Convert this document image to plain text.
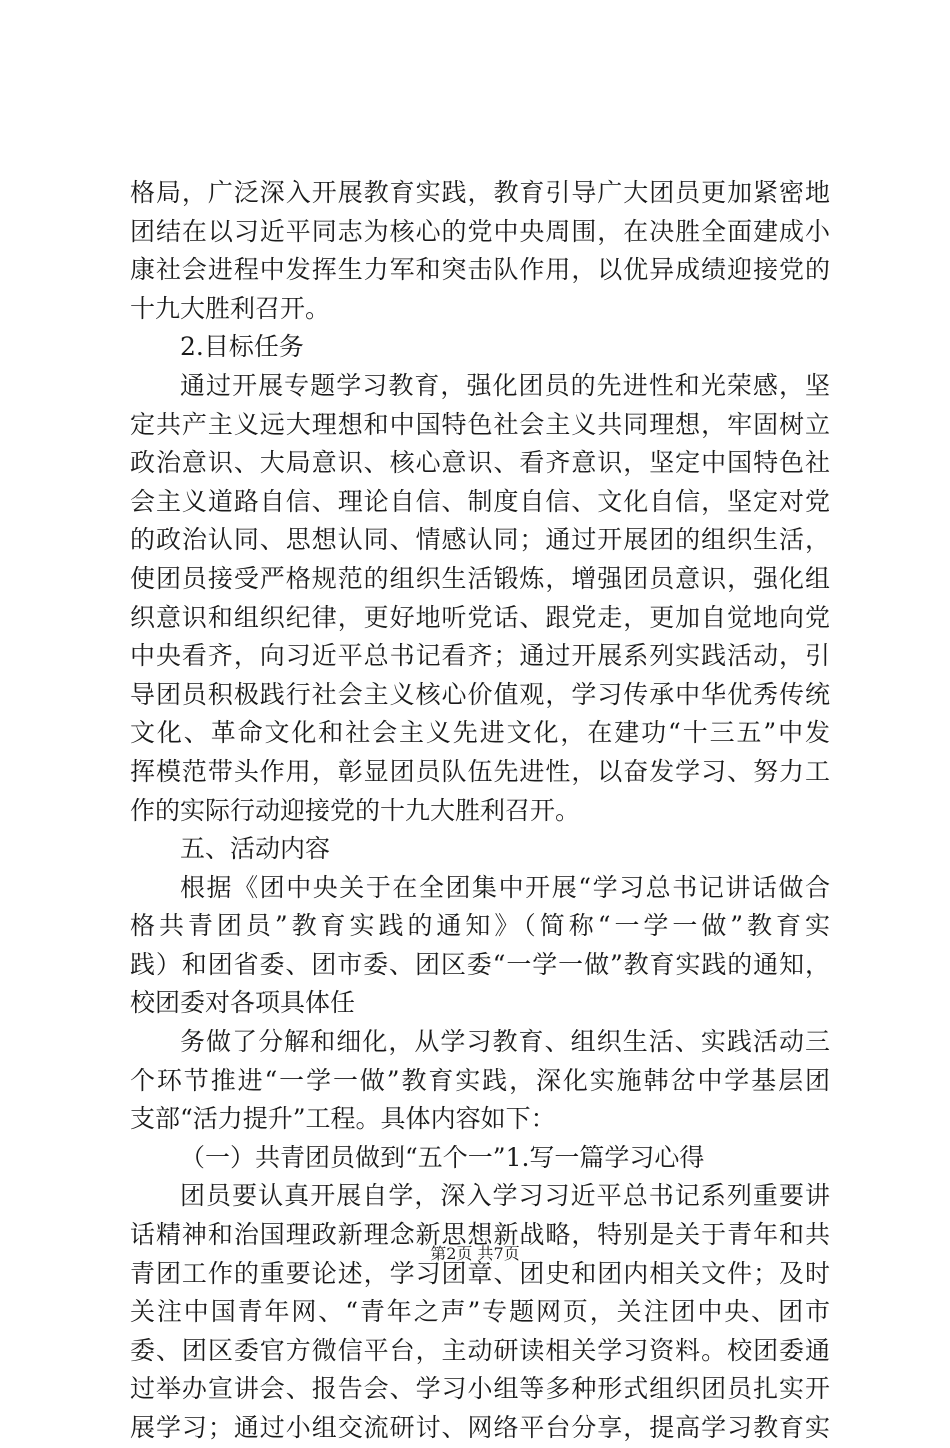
格局，广泛深入开展教育实践，教育引导广大团员更加紧密地
团结在以习近平同志为核心的党中央周围，在决胜全面建成小
康社会进程中发挥生力军和突击队作用，以优异成绩迎接党的
十九大胜利召开。
2.目标任务
通过开展专题学习教育，强化团员的先进性和光荣感，坚
定共产主义远大理想和中国特色社会主义共同理想，牢固树立
政治意识、大局意识、核心意识、看齐意识，坚定中国特色社
会主义道路自信、理论自信、制度自信、文化自信，坚定对党
的政治认同、思想认同、情感认同；通过开展团的组织生活，
使团员接受严格规范的组织生活锻炼，增强团员意识，强化组
织意识和组织纪律，更好地听党话、跟党走，更加自觉地向党
中央看齐，向习近平总书记看齐；通过开展系列实践活动，引
导团员积极践行社会主义核心价值观，学习传承中华优秀传统
文化、革命文化和社会主义先进文化，在建功“十三五”中发
挥模范带头作用，彰显团员队伍先进性，以奋发学习、努力工
作的实际行动迎接党的十九大胜利召开。
五、活动内容
根据《团中央关于在全团集中开展“学习总书记讲话做合
格共青团员”教育实践的通知》（简称“一学一做”教育实
践）和团省委、团市委、团区委“一学一做”教育实践的通知，
校团委对各项具体任
务做了分解和细化，从学习教育、组织生活、实践活动三
个环节推进“一学一做”教育实践，深化实施韩岔中学基层团
支部“活力提升”工程。具体内容如下：
（一）共青团员做到“五个一”1.写一篇学习心得
团员要认真开展自学，深入学习习近平总书记系列重要讲
话精神和治国理政新理念新思想新战略，特别是关于青年和共
青团工作的重要论述，学习团章、团史和团内相关文件；及时
关注中国青年网、“青年之声”专题网页，关注团中央、团市
委、团区委官方微信平台，主动研读相关学习资料。校团委通
过举办宣讲会、报告会、学习小组等多种形式组织团员扎实开
展学习；通过小组交流研讨、网络平台分享，提高学习教育实
第2页 共7页
